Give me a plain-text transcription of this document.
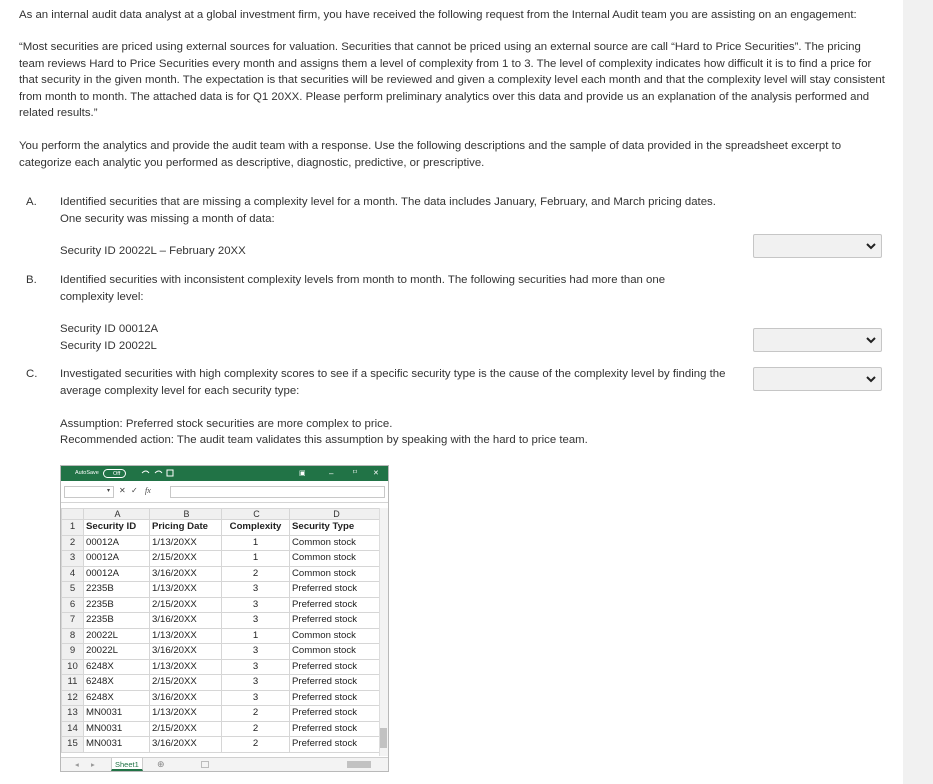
As an internal audit data analyst at a global investment firm, you have received the following request from the Internal Audit team you are assisting on an engagement:

“Most securities are priced using external sources for valuation. Securities that cannot be priced using an external source are call “Hard to Price Securities”. The pricing team reviews Hard to Price Securities every month and assigns them a level of complexity from 1 to 3. The level of complexity indicates how difficult it is to find a price for that security in the given month. The expectation is that securities will be reviewed and given a complexity level each month and that the complexity level will stay consistent from month to month. The attached data is for Q1 20XX. Please perform preliminary analytics over this data and provide us an explanation of the analysis performed and related results.”

You perform the analytics and provide the audit team with a response. Use the following descriptions and the sample of data provided in the spreadsheet excerpt to categorize each analytic you performed as descriptive, diagnostic, predictive, or prescriptive.

A. Identified securities that are missing a complexity level for a month. The data includes January, February, and March pricing dates. One security was missing a month of data:

Security ID 20022L – February 20XX

B. Identified securities with inconsistent complexity levels from month to month. The following securities had more than one complexity level:

Security ID 00012A

Security ID 20022L

C. Investigated securities with high complexity scores to see if a specific security type is the cause of the complexity level by finding the average complexity level for each security type:

Assumption: Preferred stock securities are more complex to price.

Recommended action: The audit team validates this assumption by speaking with the hard to price team.

AutoSave	Off	▣	–	ㅁ ✕
▾ ✕ ✓ fx
	A	B	C	D
1	Security ID	Pricing Date	Complexity	Security Type
2	00012A	1/13/20XX	1	Common stock
3	00012A	2/15/20XX	1	Common stock
4	00012A	3/16/20XX	2	Common stock
5	2235B	1/13/20XX	3	Preferred stock
6	2235B	2/15/20XX	3	Preferred stock
7	2235B	3/16/20XX	3	Preferred stock
8	20022L	1/13/20XX	1	Common stock
9	20022L	3/16/20XX	3	Common stock
10	6248X	1/13/20XX	3	Preferred stock
11	6248X	2/15/20XX	3	Preferred stock
12	6248X	3/16/20XX	3	Preferred stock
13	MN0031	1/13/20XX	2	Preferred stock
14	MN0031	2/15/20XX	2	Preferred stock
15	MN0031	3/16/20XX	2	Preferred stock
◂ ▸	Sheet1	⊕
